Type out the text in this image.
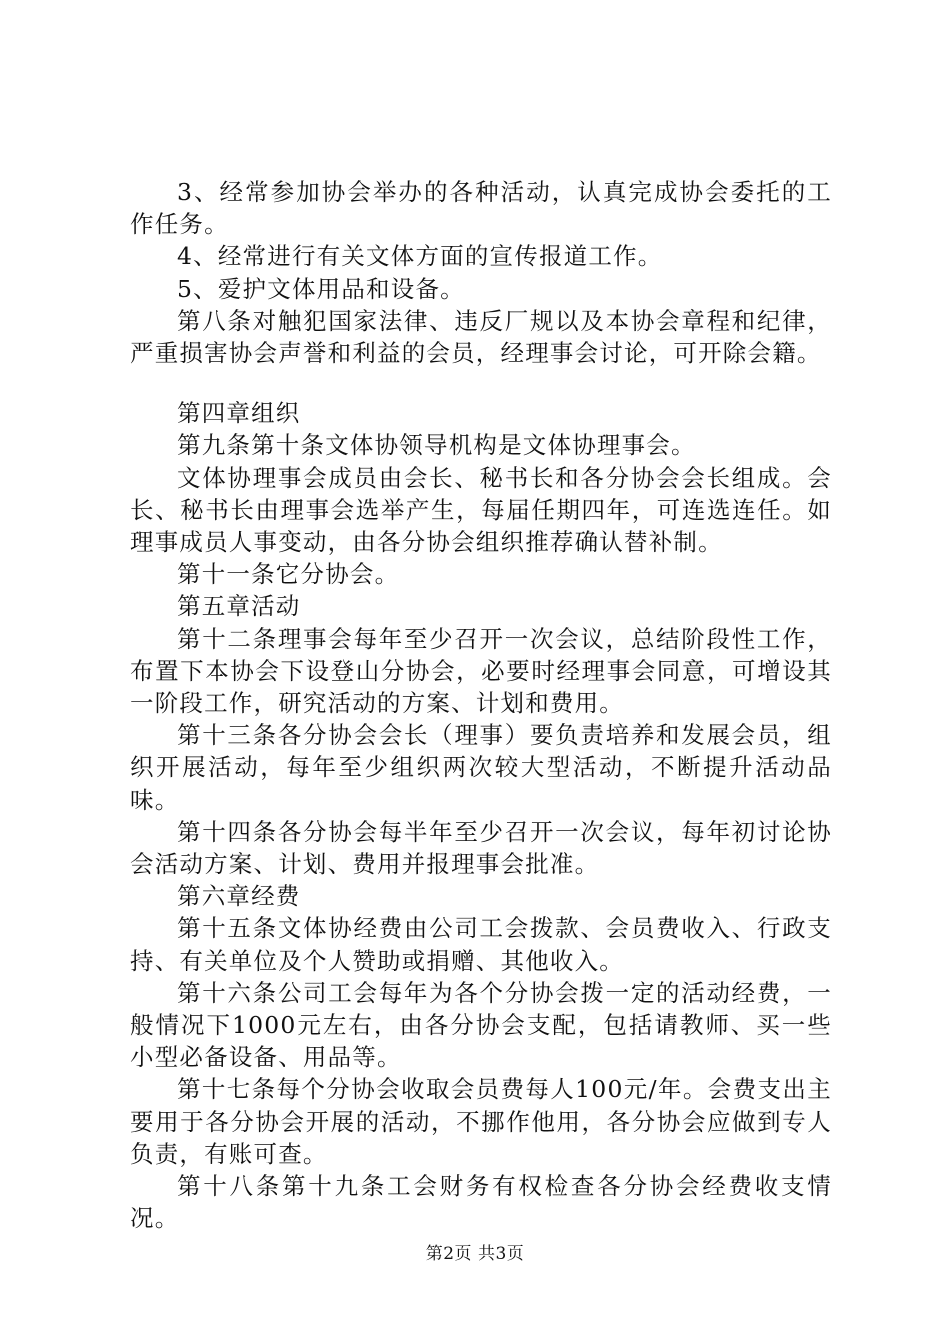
3、经常参加协会举办的各种活动，认真完成协会委托的工作任务。

4、经常进行有关文体方面的宣传报道工作。

5、爱护文体用品和设备。

第八条对触犯国家法律、违反厂规以及本协会章程和纪律，严重损害协会声誉和利益的会员，经理事会讨论，可开除会籍。

第四章组织

第九条第十条文体协领导机构是文体协理事会。

文体协理事会成员由会长、秘书长和各分协会会长组成。会长、秘书长由理事会选举产生，每届任期四年，可连选连任。如理事成员人事变动，由各分协会组织推荐确认替补制。

第十一条它分协会。

第五章活动

第十二条理事会每年至少召开一次会议，总结阶段性工作，布置下本协会下设登山分协会，必要时经理事会同意，可增设其一阶段工作，研究活动的方案、计划和费用。

第十三条各分协会会长（理事）要负责培养和发展会员，组织开展活动，每年至少组织两次较大型活动，不断提升活动品味。

第十四条各分协会每半年至少召开一次会议，每年初讨论协会活动方案、计划、费用并报理事会批准。

第六章经费

第十五条文体协经费由公司工会拨款、会员费收入、行政支持、有关单位及个人赞助或捐赠、其他收入。

第十六条公司工会每年为各个分协会拨一定的活动经费，一般情况下1000元左右，由各分协会支配，包括请教师、买一些小型必备设备、用品等。

第十七条每个分协会收取会员费每人100元/年。会费支出主要用于各分协会开展的活动，不挪作他用，各分协会应做到专人负责，有账可查。

第十八条第十九条工会财务有权检查各分协会经费收支情况。

第2页 共3页
